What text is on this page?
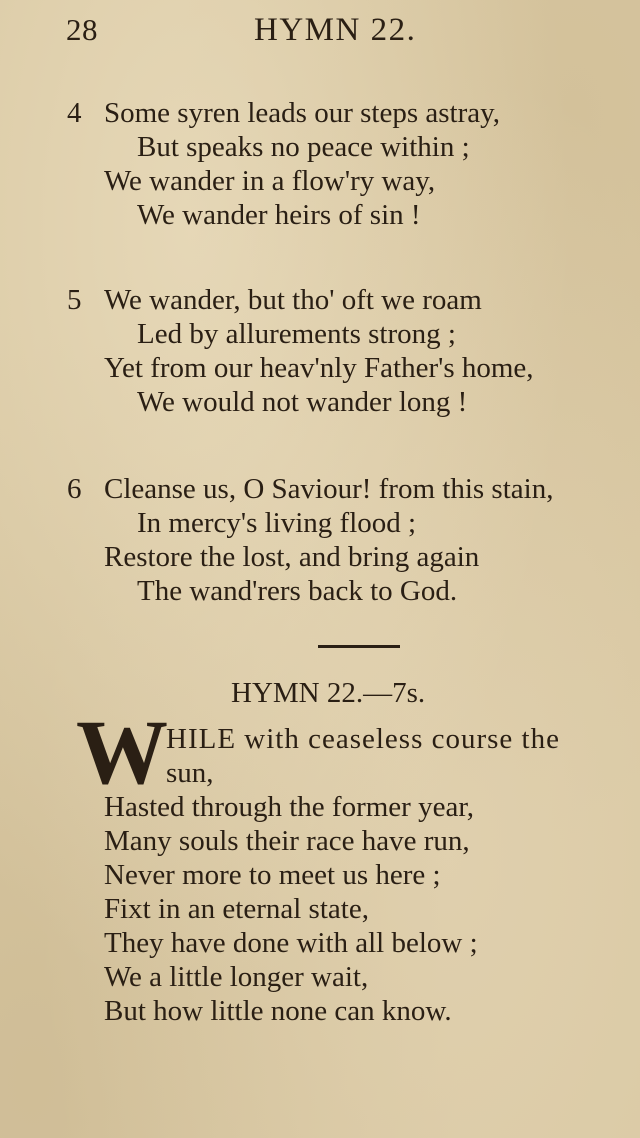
28	HYMN 22.
4 Some syren leads our steps astray,
But speaks no peace within ;
We wander in a flow'ry way,
We wander heirs of sin !
5 We wander, but tho' oft we roam
Led by allurements strong ;
Yet from our heav'nly Father's home,
We would not wander long !
6 Cleanse us, O Saviour! from this stain,
In mercy's living flood ;
Restore the lost, and bring again
The wand'rers back to God.
HYMN 22.—7s.
W
HILE with ceaseless course the
sun,
Hasted through the former year,
Many souls their race have run,
Never more to meet us here ;
Fixt in an eternal state,
They have done with all below ;
We a little longer wait,
But how little none can know.
